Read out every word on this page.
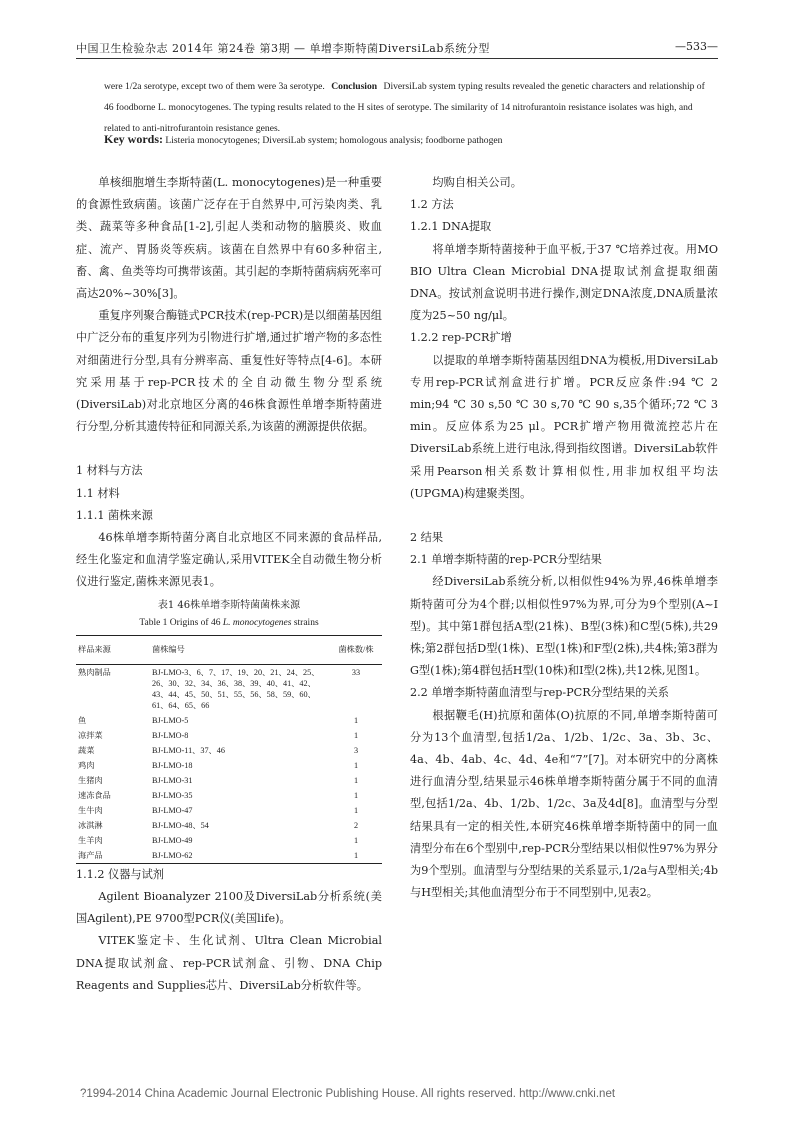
中国卫生检验杂志 2014年 第24卷 第3期 — 单增李斯特菌DiversiLab系统分型	—533—
were 1/2a serotype, except two of them were 3a serotype. Conclusion DiversiLab system typing results revealed the genetic characters and relationship of 46 foodborne L. monocytogenes. The typing results related to the H sites of serotype. The similarity of 14 nitrofurantoin resistance isolates was high, and related to anti-nitrofurantoin resistance genes.
Key words: Listeria monocytogenes; DiversiLab system; homologous analysis; foodborne pathogen

单核细胞增生李斯特菌(L. monocytogenes)是一种重要的食源性致病菌。该菌广泛存在于自然界中,可污染肉类、乳类、蔬菜等多种食品[1-2],引起人类和动物的脑膜炎、败血症、流产、胃肠炎等疾病。该菌在自然界中有60多种宿主,畜、禽、鱼类等均可携带该菌。其引起的李斯特菌病病死率可高达20%~30%[3]。

重复序列聚合酶链式PCR技术(rep-PCR)是以细菌基因组中广泛分布的重复序列为引物进行扩增,通过扩增产物的多态性对细菌进行分型,具有分辨率高、重复性好等特点[4-6]。本研究采用基于rep-PCR技术的全自动微生物分型系统(DiversiLab)对北京地区分离的46株食源性单增李斯特菌进行分型,分析其遗传特征和同源关系,为该菌的溯源提供依据。

1 材料与方法

1.1 材料

1.1.1 菌株来源

46株单增李斯特菌分离自北京地区不同来源的食品样品,经生化鉴定和血清学鉴定确认,采用VITEK全自动微生物分析仪进行鉴定,菌株来源见表1。

表1 46株单增李斯特菌菌株来源
Table 1 Origins of 46 L. monocytogenes strains
样品来源	菌株编号	菌株数/株
熟肉制品	BJ-LMO-3、6、7、17、19、20、21、24、25、26、30、32、34、36、38、39、40、41、42、43、44、45、50、51、55、56、58、59、60、61、64、65、66	33
鱼	BJ-LMO-5	1
凉拌菜	BJ-LMO-8	1
蔬菜	BJ-LMO-11、37、46	3
鸡肉	BJ-LMO-18	1
生猪肉	BJ-LMO-31	1
速冻食品	BJ-LMO-35	1
生牛肉	BJ-LMO-47	1
冰淇淋	BJ-LMO-48、54	2
生羊肉	BJ-LMO-49	1
海产品	BJ-LMO-62	1

1.1.2 仪器与试剂

Agilent Bioanalyzer 2100及DiversiLab分析系统(美国Agilent),PE 9700型PCR仪(美国life)。

VITEK鉴定卡、生化试剂、Ultra Clean Microbial DNA提取试剂盒、rep-PCR试剂盒、引物、DNA Chip Reagents and Supplies芯片、DiversiLab分析软件等。

均购自相关公司。

1.2 方法

1.2.1 DNA提取

将单增李斯特菌接种于血平板,于37 ℃培养过夜。用MO BIO Ultra Clean Microbial DNA提取试剂盒提取细菌DNA。按试剂盒说明书进行操作,测定DNA浓度,DNA质量浓度为25~50 ng/μl。

1.2.2 rep-PCR扩增

以提取的单增李斯特菌基因组DNA为模板,用DiversiLab专用rep-PCR试剂盒进行扩增。PCR反应条件:94 ℃ 2 min;94 ℃ 30 s,50 ℃ 30 s,70 ℃ 90 s,35个循环;72 ℃ 3 min。反应体系为25 μl。PCR扩增产物用微流控芯片在DiversiLab系统上进行电泳,得到指纹图谱。DiversiLab软件采用Pearson相关系数计算相似性,用非加权组平均法(UPGMA)构建聚类图。

2 结果

2.1 单增李斯特菌的rep-PCR分型结果

经DiversiLab系统分析,以相似性94%为界,46株单增李斯特菌可分为4个群;以相似性97%为界,可分为9个型别(A~I型)。其中第1群包括A型(21株)、B型(3株)和C型(5株),共29株;第2群包括D型(1株)、E型(1株)和F型(2株),共4株;第3群为G型(1株);第4群包括H型(10株)和I型(2株),共12株,见图1。

2.2 单增李斯特菌血清型与rep-PCR分型结果的关系

根据鞭毛(H)抗原和菌体(O)抗原的不同,单增李斯特菌可分为13个血清型,包括1/2a、1/2b、1/2c、3a、3b、3c、4a、4b、4ab、4c、4d、4e和“7”[7]。对本研究中的分离株进行血清分型,结果显示46株单增李斯特菌分属于不同的血清型,包括1/2a、4b、1/2b、1/2c、3a及4d[8]。血清型与分型结果具有一定的相关性,本研究46株单增李斯特菌中的同一血清型分布在6个型别中,rep-PCR分型结果以相似性97%为界分为9个型别。血清型与分型结果的关系显示,1/2a与A型相关;4b与H型相关;其他血清型分布于不同型别中,见表2。

?1994-2014 China Academic Journal Electronic Publishing House. All rights reserved. http://www.cnki.net
